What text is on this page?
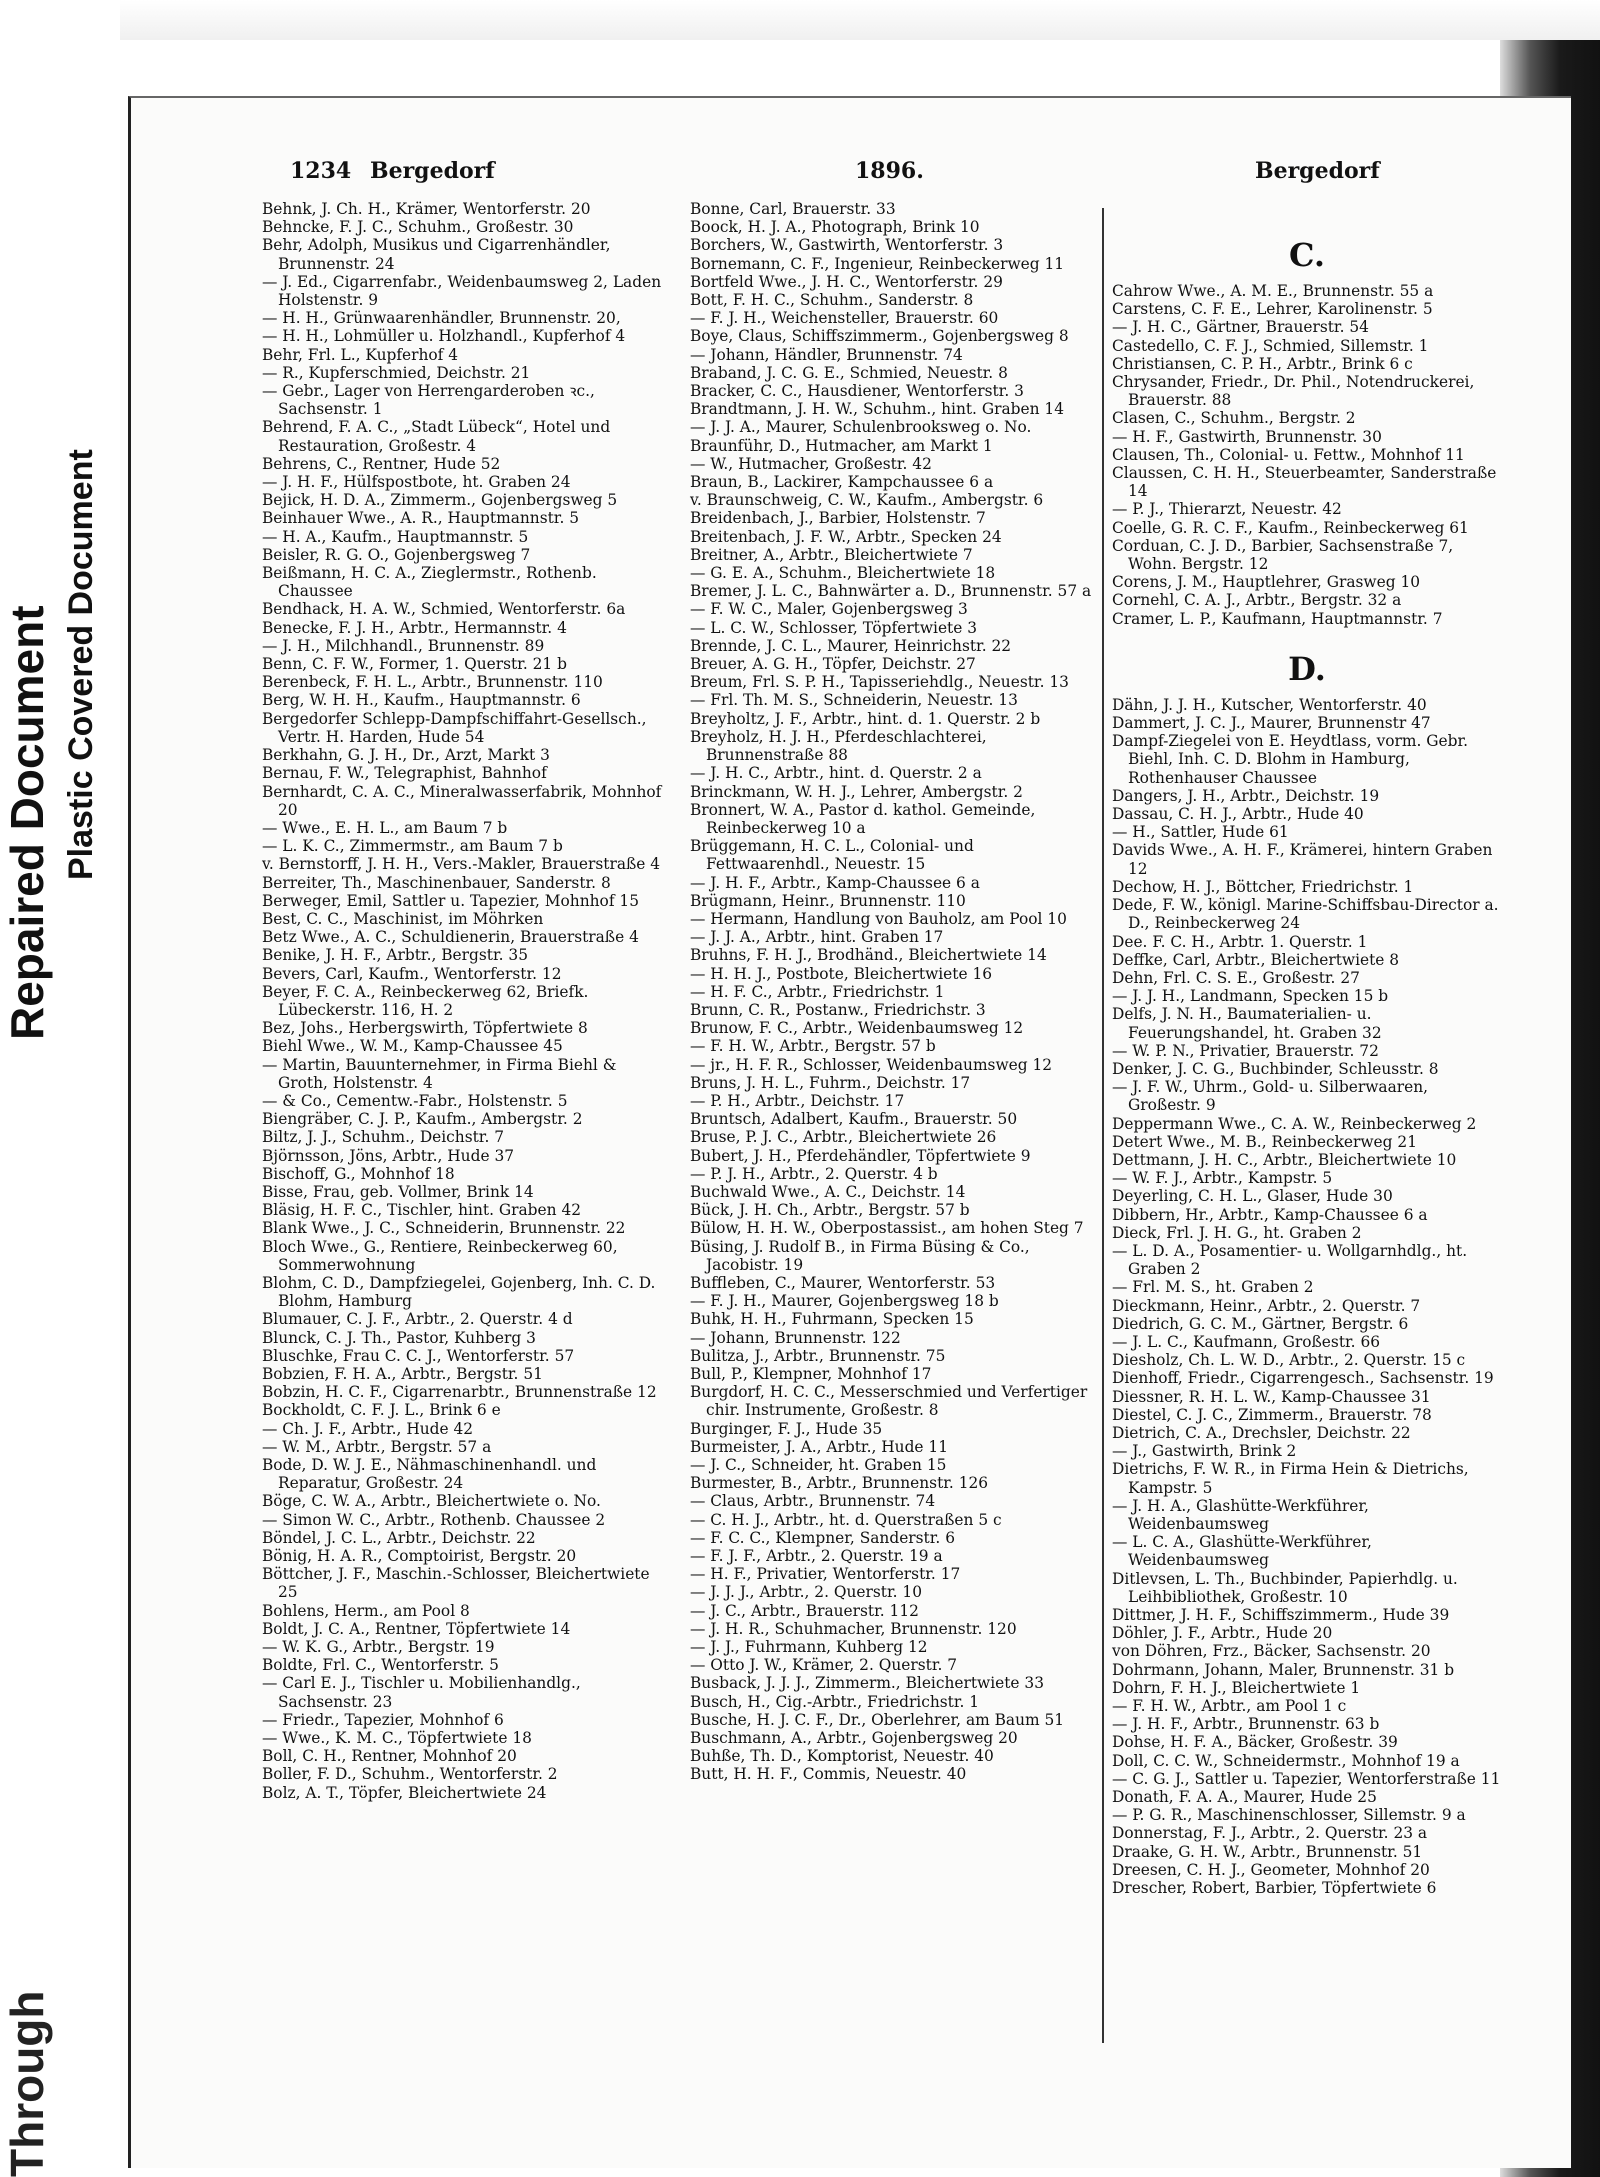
Repaired Document Plastic Covered Document
Through
1234 Bergedorf	1896.	Bergedorf

Behnk, J. Ch. H., Krämer, Wentorferstr. 20

Behncke, F. J. C., Schuhm., Großestr. 30

Behr, Adolph, Musikus und Cigarrenhändler, Brunnenstr. 24

— J. Ed., Cigarrenfabr., Weidenbaumsweg 2, Laden Holstenstr. 9

— H. H., Grünwaarenhändler, Brunnenstr. 20,

— H. H., Lohmüller u. Holzhandl., Kupferhof 4

Behr, Frl. L., Kupferhof 4

— R., Kupferschmied, Deichstr. 21

— Gebr., Lager von Herrengarderoben ꝛc., Sachsenstr. 1

Behrend, F. A. C., „Stadt Lübeck“, Hotel und Restauration, Großestr. 4

Behrens, C., Rentner, Hude 52

— J. H. F., Hülfspostbote, ht. Graben 24

Bejick, H. D. A., Zimmerm., Gojenbergsweg 5

Beinhauer Wwe., A. R., Hauptmannstr. 5

— H. A., Kaufm., Hauptmannstr. 5

Beisler, R. G. O., Gojenbergsweg 7

Beißmann, H. C. A., Zieglermstr., Rothenb. Chaussee

Bendhack, H. A. W., Schmied, Wentorferstr. 6a

Benecke, F. J. H., Arbtr., Hermannstr. 4

— J. H., Milchhandl., Brunnenstr. 89

Benn, C. F. W., Former, 1. Querstr. 21 b

Berenbeck, F. H. L., Arbtr., Brunnenstr. 110

Berg, W. H. H., Kaufm., Hauptmannstr. 6

Bergedorfer Schlepp-Dampfschiffahrt-Gesellsch., Vertr. H. Harden, Hude 54

Berkhahn, G. J. H., Dr., Arzt, Markt 3

Bernau, F. W., Telegraphist, Bahnhof

Bernhardt, C. A. C., Mineralwasserfabrik, Mohnhof 20

— Wwe., E. H. L., am Baum 7 b

— L. K. C., Zimmermstr., am Baum 7 b

v. Bernstorff, J. H. H., Vers.-Makler, Brauerstraße 4

Berreiter, Th., Maschinenbauer, Sanderstr. 8

Berweger, Emil, Sattler u. Tapezier, Mohnhof 15

Best, C. C., Maschinist, im Möhrken

Betz Wwe., A. C., Schuldienerin, Brauerstraße 4

Benike, J. H. F., Arbtr., Bergstr. 35

Bevers, Carl, Kaufm., Wentorferstr. 12

Beyer, F. C. A., Reinbeckerweg 62, Briefk. Lübeckerstr. 116, H. 2

Bez, Johs., Herbergswirth, Töpfertwiete 8

Biehl Wwe., W. M., Kamp-Chaussee 45

— Martin, Bauunternehmer, in Firma Biehl & Groth, Holstenstr. 4

— & Co., Cementw.-Fabr., Holstenstr. 5

Biengräber, C. J. P., Kaufm., Ambergstr. 2

Biltz, J. J., Schuhm., Deichstr. 7

Björnsson, Jöns, Arbtr., Hude 37

Bischoff, G., Mohnhof 18

Bisse, Frau, geb. Vollmer, Brink 14

Bläsig, H. F. C., Tischler, hint. Graben 42

Blank Wwe., J. C., Schneiderin, Brunnenstr. 22

Bloch Wwe., G., Rentiere, Reinbeckerweg 60, Sommerwohnung

Blohm, C. D., Dampfziegelei, Gojenberg, Inh. C. D. Blohm, Hamburg

Blumauer, C. J. F., Arbtr., 2. Querstr. 4 d

Blunck, C. J. Th., Pastor, Kuhberg 3

Bluschke, Frau C. C. J., Wentorferstr. 57

Bobzien, F. H. A., Arbtr., Bergstr. 51

Bobzin, H. C. F., Cigarrenarbtr., Brunnenstraße 12

Bockholdt, C. F. J. L., Brink 6 e

— Ch. J. F., Arbtr., Hude 42

— W. M., Arbtr., Bergstr. 57 a

Bode, D. W. J. E., Nähmaschinenhandl. und Reparatur, Großestr. 24

Böge, C. W. A., Arbtr., Bleichertwiete o. No.

— Simon W. C., Arbtr., Rothenb. Chaussee 2

Böndel, J. C. L., Arbtr., Deichstr. 22

Bönig, H. A. R., Comptoirist, Bergstr. 20

Böttcher, J. F., Maschin.-Schlosser, Bleichertwiete 25

Bohlens, Herm., am Pool 8

Boldt, J. C. A., Rentner, Töpfertwiete 14

— W. K. G., Arbtr., Bergstr. 19

Boldte, Frl. C., Wentorferstr. 5

— Carl E. J., Tischler u. Mobilienhandlg., Sachsenstr. 23

— Friedr., Tapezier, Mohnhof 6

— Wwe., K. M. C., Töpfertwiete 18

Boll, C. H., Rentner, Mohnhof 20

Boller, F. D., Schuhm., Wentorferstr. 2

Bolz, A. T., Töpfer, Bleichertwiete 24

Bonne, Carl, Brauerstr. 33

Boock, H. J. A., Photograph, Brink 10

Borchers, W., Gastwirth, Wentorferstr. 3

Bornemann, C. F., Ingenieur, Reinbeckerweg 11

Bortfeld Wwe., J. H. C., Wentorferstr. 29

Bott, F. H. C., Schuhm., Sanderstr. 8

— F. J. H., Weichensteller, Brauerstr. 60

Boye, Claus, Schiffszimmerm., Gojenbergsweg 8

— Johann, Händler, Brunnenstr. 74

Braband, J. C. G. E., Schmied, Neuestr. 8

Bracker, C. C., Hausdiener, Wentorferstr. 3

Brandtmann, J. H. W., Schuhm., hint. Graben 14

— J. J. A., Maurer, Schulenbrooksweg o. No.

Braunführ, D., Hutmacher, am Markt 1

— W., Hutmacher, Großestr. 42

Braun, B., Lackirer, Kampchaussee 6 a

v. Braunschweig, C. W., Kaufm., Ambergstr. 6

Breidenbach, J., Barbier, Holstenstr. 7

Breitenbach, J. F. W., Arbtr., Specken 24

Breitner, A., Arbtr., Bleichertwiete 7

— G. E. A., Schuhm., Bleichertwiete 18

Bremer, J. L. C., Bahnwärter a. D., Brunnenstr. 57 a

— F. W. C., Maler, Gojenbergsweg 3

— L. C. W., Schlosser, Töpfertwiete 3

Brennde, J. C. L., Maurer, Heinrichstr. 22

Breuer, A. G. H., Töpfer, Deichstr. 27

Breum, Frl. S. P. H., Tapisseriehdlg., Neuestr. 13

— Frl. Th. M. S., Schneiderin, Neuestr. 13

Breyholtz, J. F., Arbtr., hint. d. 1. Querstr. 2 b

Breyholz, H. J. H., Pferdeschlachterei, Brunnenstraße 88

— J. H. C., Arbtr., hint. d. Querstr. 2 a

Brinckmann, W. H. J., Lehrer, Ambergstr. 2

Bronnert, W. A., Pastor d. kathol. Gemeinde, Reinbeckerweg 10 a

Brüggemann, H. C. L., Colonial- und Fettwaarenhdl., Neuestr. 15

— J. H. F., Arbtr., Kamp-Chaussee 6 a

Brügmann, Heinr., Brunnenstr. 110

— Hermann, Handlung von Bauholz, am Pool 10

— J. J. A., Arbtr., hint. Graben 17

Bruhns, F. H. J., Brodhänd., Bleichertwiete 14

— H. H. J., Postbote, Bleichertwiete 16

— H. F. C., Arbtr., Friedrichstr. 1

Brunn, C. R., Postanw., Friedrichstr. 3

Brunow, F. C., Arbtr., Weidenbaumsweg 12

— F. H. W., Arbtr., Bergstr. 57 b

— jr., H. F. R., Schlosser, Weidenbaumsweg 12

Bruns, J. H. L., Fuhrm., Deichstr. 17

— P. H., Arbtr., Deichstr. 17

Bruntsch, Adalbert, Kaufm., Brauerstr. 50

Bruse, P. J. C., Arbtr., Bleichertwiete 26

Bubert, J. H., Pferdehändler, Töpfertwiete 9

— P. J. H., Arbtr., 2. Querstr. 4 b

Buchwald Wwe., A. C., Deichstr. 14

Bück, J. H. Ch., Arbtr., Bergstr. 57 b

Bülow, H. H. W., Oberpostassist., am hohen Steg 7

Büsing, J. Rudolf B., in Firma Büsing & Co., Jacobistr. 19

Buffleben, C., Maurer, Wentorferstr. 53

— F. J. H., Maurer, Gojenbergsweg 18 b

Buhk, H. H., Fuhrmann, Specken 15

— Johann, Brunnenstr. 122

Bulitza, J., Arbtr., Brunnenstr. 75

Bull, P., Klempner, Mohnhof 17

Burgdorf, H. C. C., Messerschmied und Verfertiger chir. Instrumente, Großestr. 8

Burginger, F. J., Hude 35

Burmeister, J. A., Arbtr., Hude 11

— J. C., Schneider, ht. Graben 15

Burmester, B., Arbtr., Brunnenstr. 126

— Claus, Arbtr., Brunnenstr. 74

— C. H. J., Arbtr., ht. d. Querstraßen 5 c

— F. C. C., Klempner, Sanderstr. 6

— F. J. F., Arbtr., 2. Querstr. 19 a

— H. F., Privatier, Wentorferstr. 17

— J. J. J., Arbtr., 2. Querstr. 10

— J. C., Arbtr., Brauerstr. 112

— J. H. R., Schuhmacher, Brunnenstr. 120

— J. J., Fuhrmann, Kuhberg 12

— Otto J. W., Krämer, 2. Querstr. 7

Busback, J. J. J., Zimmerm., Bleichertwiete 33

Busch, H., Cig.-Arbtr., Friedrichstr. 1

Busche, H. J. C. F., Dr., Oberlehrer, am Baum 51

Buschmann, A., Arbtr., Gojenbergsweg 20

Buhße, Th. D., Komptorist, Neuestr. 40

Butt, H. H. F., Commis, Neuestr. 40

C.

Cahrow Wwe., A. M. E., Brunnenstr. 55 a

Carstens, C. F. E., Lehrer, Karolinenstr. 5

— J. H. C., Gärtner, Brauerstr. 54

Castedello, C. F. J., Schmied, Sillemstr. 1

Christiansen, C. P. H., Arbtr., Brink 6 c

Chrysander, Friedr., Dr. Phil., Notendruckerei, Brauerstr. 88

Clasen, C., Schuhm., Bergstr. 2

— H. F., Gastwirth, Brunnenstr. 30

Clausen, Th., Colonial- u. Fettw., Mohnhof 11

Claussen, C. H. H., Steuerbeamter, Sanderstraße 14

— P. J., Thierarzt, Neuestr. 42

Coelle, G. R. C. F., Kaufm., Reinbeckerweg 61

Corduan, C. J. D., Barbier, Sachsenstraße 7, Wohn. Bergstr. 12

Corens, J. M., Hauptlehrer, Grasweg 10

Cornehl, C. A. J., Arbtr., Bergstr. 32 a

Cramer, L. P., Kaufmann, Hauptmannstr. 7

D.

Dähn, J. J. H., Kutscher, Wentorferstr. 40

Dammert, J. C. J., Maurer, Brunnenstr 47

Dampf-Ziegelei von E. Heydtlass, vorm. Gebr. Biehl, Inh. C. D. Blohm in Hamburg, Rothenhauser Chaussee

Dangers, J. H., Arbtr., Deichstr. 19

Dassau, C. H. J., Arbtr., Hude 40

— H., Sattler, Hude 61

Davids Wwe., A. H. F., Krämerei, hintern Graben 12

Dechow, H. J., Böttcher, Friedrichstr. 1

Dede, F. W., königl. Marine-Schiffsbau-Director a. D., Reinbeckerweg 24

Dee. F. C. H., Arbtr. 1. Querstr. 1

Deffke, Carl, Arbtr., Bleichertwiete 8

Dehn, Frl. C. S. E., Großestr. 27

— J. J. H., Landmann, Specken 15 b

Delfs, J. N. H., Baumaterialien- u. Feuerungshandel, ht. Graben 32

— W. P. N., Privatier, Brauerstr. 72

Denker, J. C. G., Buchbinder, Schleusstr. 8

— J. F. W., Uhrm., Gold- u. Silberwaaren, Großestr. 9

Deppermann Wwe., C. A. W., Reinbeckerweg 2

Detert Wwe., M. B., Reinbeckerweg 21

Dettmann, J. H. C., Arbtr., Bleichertwiete 10

— W. F. J., Arbtr., Kampstr. 5

Deyerling, C. H. L., Glaser, Hude 30

Dibbern, Hr., Arbtr., Kamp-Chaussee 6 a

Dieck, Frl. J. H. G., ht. Graben 2

— L. D. A., Posamentier- u. Wollgarnhdlg., ht. Graben 2

— Frl. M. S., ht. Graben 2

Dieckmann, Heinr., Arbtr., 2. Querstr. 7

Diedrich, G. C. M., Gärtner, Bergstr. 6

— J. L. C., Kaufmann, Großestr. 66

Diesholz, Ch. L. W. D., Arbtr., 2. Querstr. 15 c

Dienhoff, Friedr., Cigarrengesch., Sachsenstr. 19

Diessner, R. H. L. W., Kamp-Chaussee 31

Diestel, C. J. C., Zimmerm., Brauerstr. 78

Dietrich, C. A., Drechsler, Deichstr. 22

— J., Gastwirth, Brink 2

Dietrichs, F. W. R., in Firma Hein & Dietrichs, Kampstr. 5

— J. H. A., Glashütte-Werkführer, Weidenbaumsweg

— L. C. A., Glashütte-Werkführer, Weidenbaumsweg

Ditlevsen, L. Th., Buchbinder, Papierhdlg. u. Leihbibliothek, Großestr. 10

Dittmer, J. H. F., Schiffszimmerm., Hude 39

Döhler, J. F., Arbtr., Hude 20

von Döhren, Frz., Bäcker, Sachsenstr. 20

Dohrmann, Johann, Maler, Brunnenstr. 31 b

Dohrn, F. H. J., Bleichertwiete 1

— F. H. W., Arbtr., am Pool 1 c

— J. H. F., Arbtr., Brunnenstr. 63 b

Dohse, H. F. A., Bäcker, Großestr. 39

Doll, C. C. W., Schneidermstr., Mohnhof 19 a

— C. G. J., Sattler u. Tapezier, Wentorferstraße 11

Donath, F. A. A., Maurer, Hude 25

— P. G. R., Maschinenschlosser, Sillemstr. 9 a

Donnerstag, F. J., Arbtr., 2. Querstr. 23 a

Draake, G. H. W., Arbtr., Brunnenstr. 51

Dreesen, C. H. J., Geometer, Mohnhof 20

Drescher, Robert, Barbier, Töpfertwiete 6
